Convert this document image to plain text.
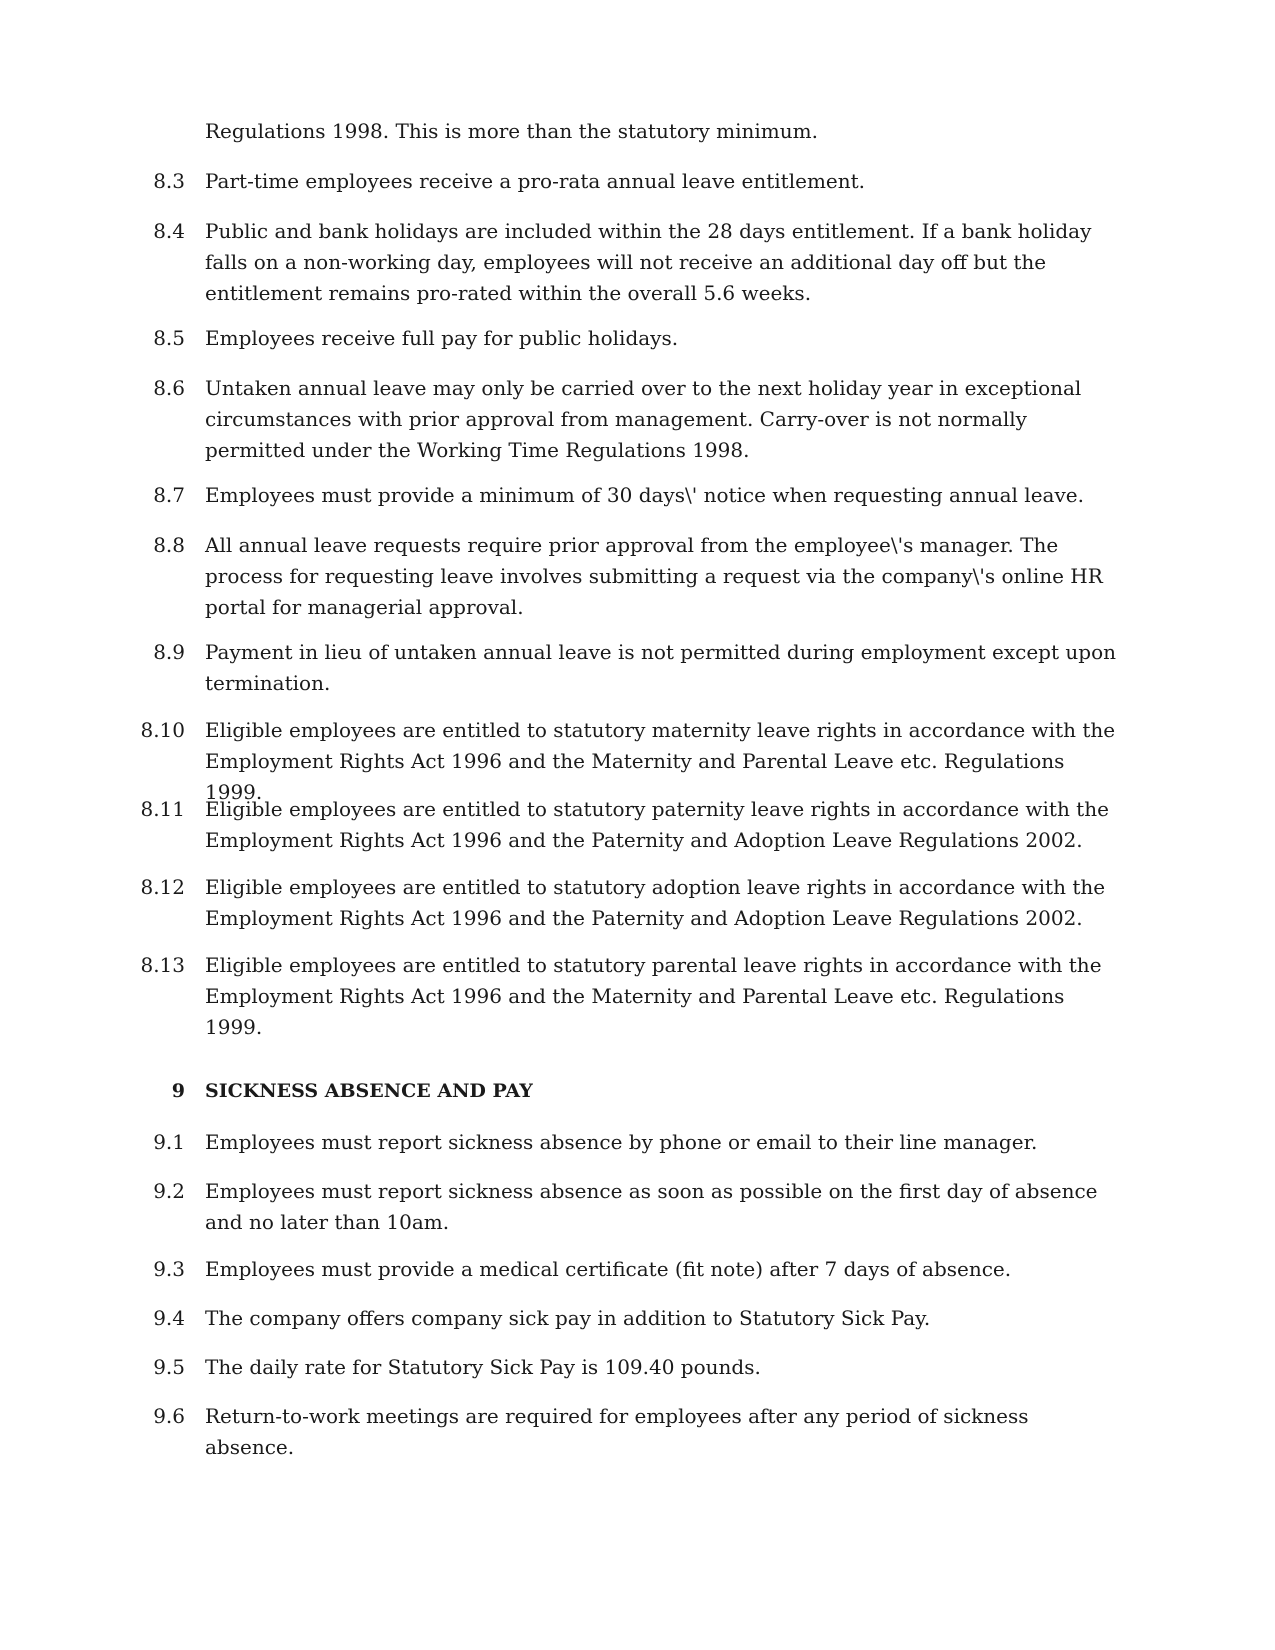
Regulations 1998. This is more than the statutory minimum.

8.3 Part-time employees receive a pro-rata annual leave entitlement.

8.4 Public and bank holidays are included within the 28 days entitlement. If a bank holiday falls on a non-working day, employees will not receive an additional day off but the entitlement remains pro-rated within the overall 5.6 weeks.

8.5 Employees receive full pay for public holidays.

8.6 Untaken annual leave may only be carried over to the next holiday year in exceptional circumstances with prior approval from management. Carry-over is not normally permitted under the Working Time Regulations 1998.

8.7 Employees must provide a minimum of 30 days\' notice when requesting annual leave.

8.8 All annual leave requests require prior approval from the employee\'s manager. The process for requesting leave involves submitting a request via the company\'s online HR portal for managerial approval.

8.9 Payment in lieu of untaken annual leave is not permitted during employment except upon termination.

8.10 Eligible employees are entitled to statutory maternity leave rights in accordance with the Employment Rights Act 1996 and the Maternity and Parental Leave etc. Regulations 1999.

8.11 Eligible employees are entitled to statutory paternity leave rights in accordance with the Employment Rights Act 1996 and the Paternity and Adoption Leave Regulations 2002.

8.12 Eligible employees are entitled to statutory adoption leave rights in accordance with the Employment Rights Act 1996 and the Paternity and Adoption Leave Regulations 2002.

8.13 Eligible employees are entitled to statutory parental leave rights in accordance with the Employment Rights Act 1996 and the Maternity and Parental Leave etc. Regulations 1999.

9 SICKNESS ABSENCE AND PAY

9.1 Employees must report sickness absence by phone or email to their line manager.

9.2 Employees must report sickness absence as soon as possible on the first day of absence and no later than 10am.

9.3 Employees must provide a medical certificate (fit note) after 7 days of absence.

9.4 The company offers company sick pay in addition to Statutory Sick Pay.

9.5 The daily rate for Statutory Sick Pay is 109.40 pounds.

9.6 Return-to-work meetings are required for employees after any period of sickness absence.
